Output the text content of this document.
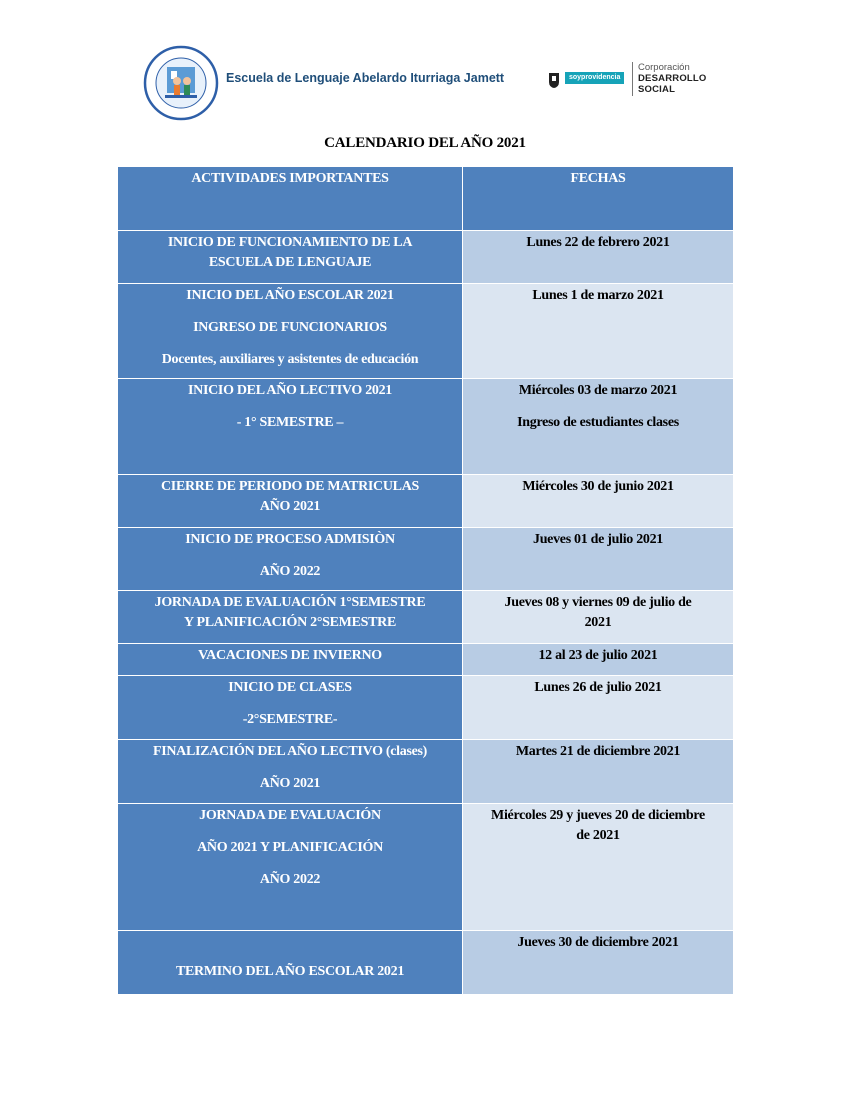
Escuela de Lenguaje Abelardo Iturriaga Jamett	soyprovidencia
Corporación
DESARROLLO
SOCIAL
CALENDARIO DEL AÑO 2021
ACTIVIDADES IMPORTANTES	FECHAS

INICIO DE FUNCIONAMIENTO DE LA
ESCUELA DE LENGUAJE	Lunes 22 de febrero 2021

INICIO DEL AÑO ESCOLAR 2021
INGRESO DE FUNCIONARIOS
Docentes, auxiliares y asistentes de educación	Lunes 1 de marzo 2021

INICIO DEL AÑO LECTIVO 2021
- 1° SEMESTRE –	Miércoles 03 de marzo 2021
Ingreso de estudiantes clases

CIERRE DE PERIODO DE MATRICULAS
AÑO 2021	Miércoles 30 de junio 2021

INICIO DE PROCESO ADMISIÒN
AÑO 2022	Jueves 01 de julio 2021

JORNADA DE EVALUACIÓN 1°SEMESTRE
Y PLANIFICACIÓN 2°SEMESTRE	Jueves 08 y viernes 09 de julio de
2021

VACACIONES DE INVIERNO	12 al 23 de julio 2021

INICIO DE CLASES
-2°SEMESTRE-	Lunes 26 de julio 2021

FINALIZACIÓN DEL AÑO LECTIVO (clases)
AÑO 2021	Martes 21 de diciembre 2021

JORNADA DE EVALUACIÓN
AÑO 2021 Y PLANIFICACIÓN
AÑO 2022	Miércoles 29 y jueves 20 de diciembre
de 2021

TERMINO DEL AÑO ESCOLAR 2021	Jueves 30 de diciembre 2021
